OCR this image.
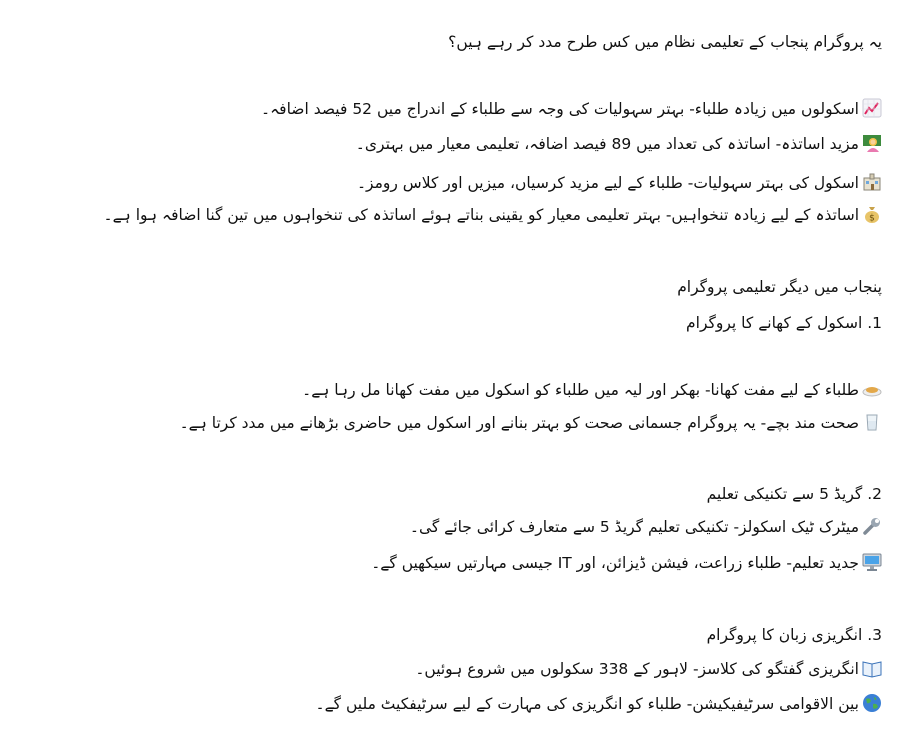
یہ پروگرام پنجاب کے تعلیمی نظام میں کس طرح مدد کر رہے ہیں؟
اسکولوں میں زیادہ طلباء- بہتر سہولیات کی وجہ سے طلباء کے اندراج میں 52 فیصد اضافہ۔
مزید اساتذہ- اساتذہ کی تعداد میں 89 فیصد اضافہ، تعلیمی معیار میں بہتری۔
اسکول کی بہتر سہولیات- طلباء کے لیے مزید کرسیاں، میزیں اور کلاس رومز۔
$
اساتذہ کے لیے زیادہ تنخواہیں- بہتر تعلیمی معیار کو یقینی بناتے ہوئے اساتذہ کی تنخواہوں میں تین گنا اضافہ ہوا ہے۔
پنجاب میں دیگر تعلیمی پروگرام
1. اسکول کے کھانے کا پروگرام
طلباء کے لیے مفت کھانا- بھکر اور لیہ میں طلباء کو اسکول میں مفت کھانا مل رہا ہے۔
صحت مند بچے- یہ پروگرام جسمانی صحت کو بہتر بنانے اور اسکول میں حاضری بڑھانے میں مدد کرتا ہے۔
2. گریڈ 5 سے تکنیکی تعلیم
میٹرک ٹیک اسکولز- تکنیکی تعلیم گریڈ 5 سے متعارف کرائی جائے گی۔
جدید تعلیم- طلباء زراعت، فیشن ڈیزائن، اور IT جیسی مہارتیں سیکھیں گے۔
3. انگریزی زبان کا پروگرام
انگریزی گفتگو کی کلاسز- لاہور کے 338 سکولوں میں شروع ہوئیں۔
بین الاقوامی سرٹیفیکیشن- طلباء کو انگریزی کی مہارت کے لیے سرٹیفکیٹ ملیں گے۔
